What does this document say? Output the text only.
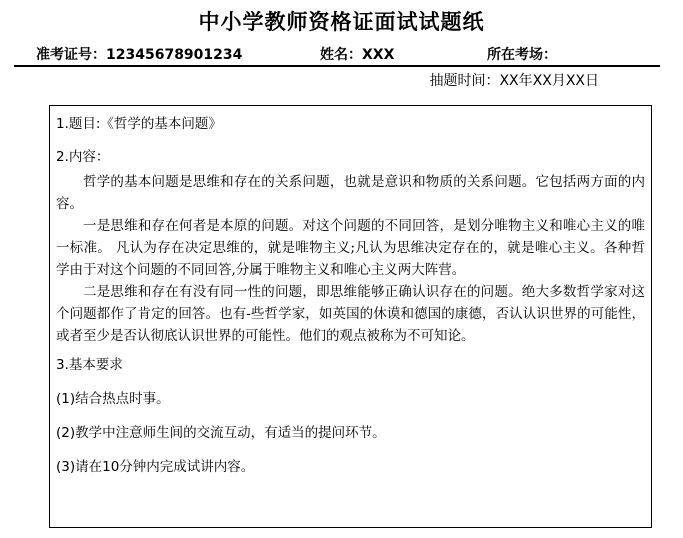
中小学教师资格证面试试题纸
准考证号：12345678901234	姓名：XXX	所在考场：
抽题时间：XX年XX月XX日

1.题目:《哲学的基本问题》

2.内容：

哲学的基本问题是思维和存在的关系问题，也就是意识和物质的关系问题。它包括两方面的内容。

一是思维和存在何者是本原的问题。对这个问题的不同回答，是划分唯物主义和唯心主义的唯一标准。 凡认为存在决定思维的，就是唯物主义;凡认为思维决定存在的，就是唯心主义。各种哲学由于对这个问题的不同回答,分属于唯物主义和唯心主义两大阵营。

二是思维和存在有没有同一性的问题，即思维能够正确认识存在的问题。绝大多数哲学家对这个问题都作了肯定的回答。也有-些哲学家，如英国的休谟和德国的康德，否认认识世界的可能性，或者至少是否认彻底认识世界的可能性。他们的观点被称为不可知论。

3.基本要求

(1)结合热点时事。

(2)教学中注意师生间的交流互动，有适当的提问环节。

(3)请在10分钟内完成试讲内容。
